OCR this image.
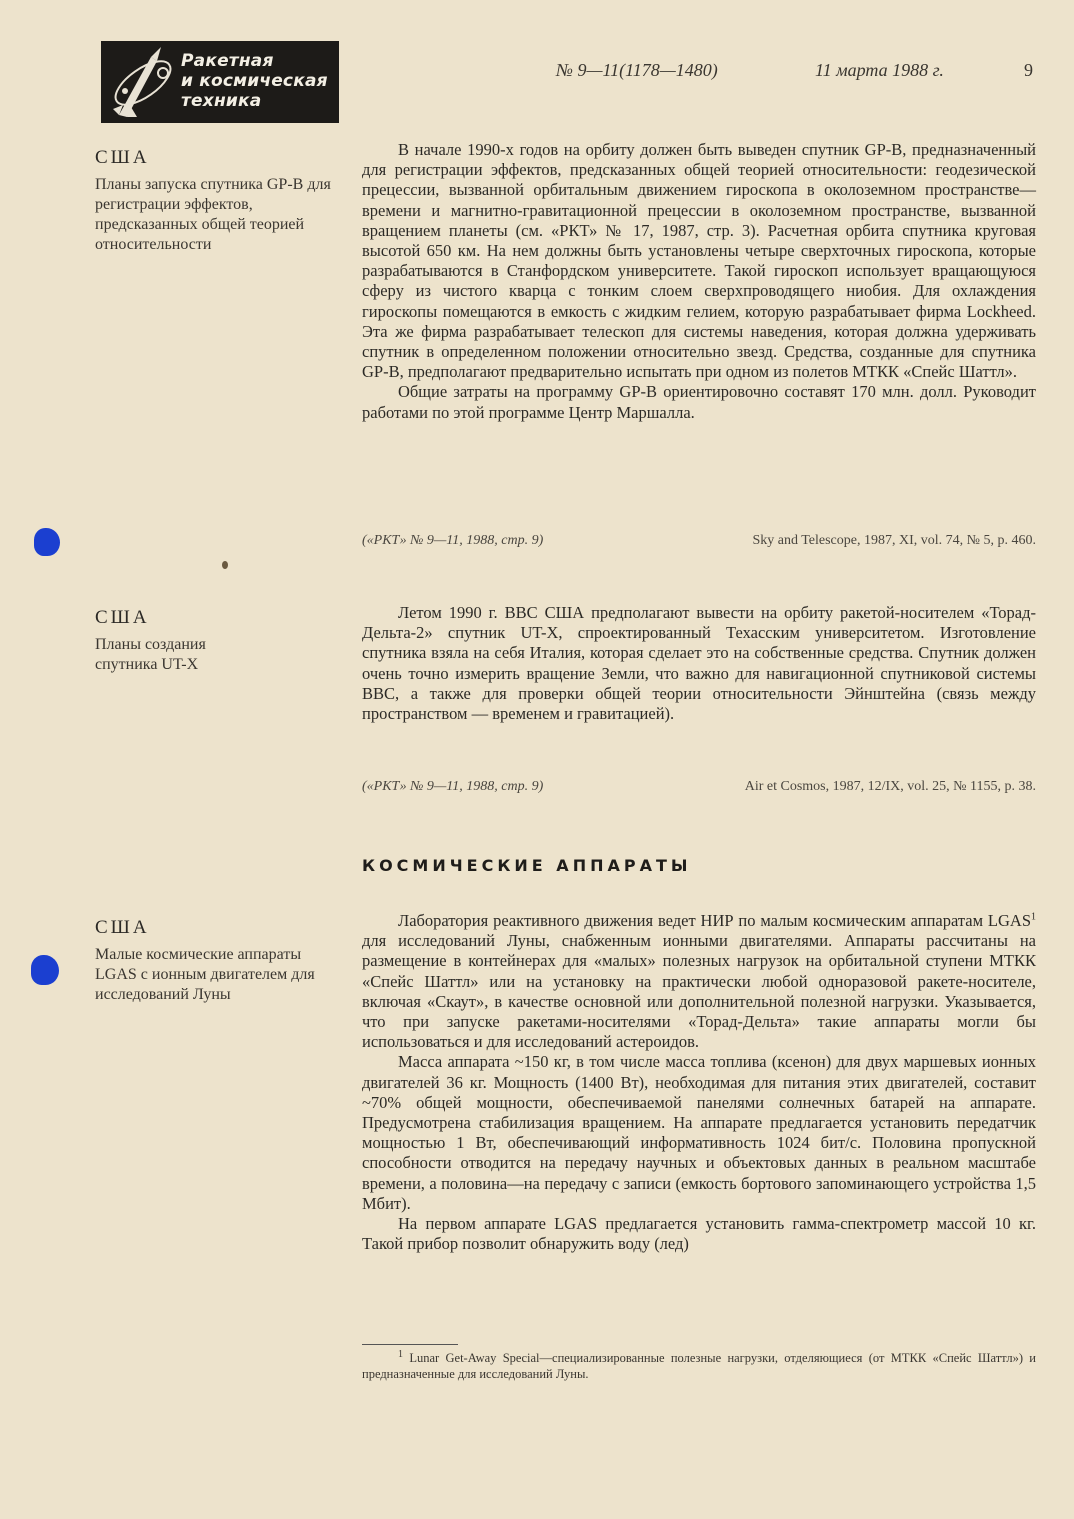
Ракетная
и космическая
техника
№ 9—11(1178—1480)	11 марта 1988 г.	9
США
Планы запуска спутника GP-B для регистрации эффектов, предсказанных общей теорией относительности

В начале 1990-х годов на орбиту должен быть выведен спутник GP-B, предназначенный для регистрации эффектов, предсказанных общей теорией относительности: геодезической прецессии, вызванной орбитальным движением гироскопа в околоземном пространстве—времени и магнитно-гравитационной прецессии в околоземном пространстве, вызванной вращением планеты (см. «РКТ» № 17, 1987, стр. 3). Расчетная орбита спутника круговая высотой 650 км. На нем должны быть установлены четыре сверхточных гироскопа, которые разрабатываются в Станфордском университете. Такой гироскоп использует вращающуюся сферу из чистого кварца с тонким слоем сверхпроводящего ниобия. Для охлаждения гироскопы помещаются в емкость с жидким гелием, которую разрабатывает фирма Lockheed. Эта же фирма разрабатывает телескоп для системы наведения, которая должна удерживать спутник в определенном положении относительно звезд. Средства, созданные для спутника GP-B, предполагают предварительно испытать при одном из полетов МТКК «Спейс Шаттл».

Общие затраты на программу GP-B ориентировочно составят 170 млн. долл. Руководит работами по этой программе Центр Маршалла.

(«РКТ» № 9—11, 1988, стр. 9)	Sky and Telescope, 1987, XI, vol. 74, № 5, p. 460.
США
Планы создания спутника UT-X

Летом 1990 г. ВВС США предполагают вывести на орбиту ракетой-носителем «Торад-Дельта-2» спутник UT-X, спроектированный Техасским университетом. Изготовление спутника взяла на себя Италия, которая сделает это на собственные средства. Спутник должен очень точно измерить вращение Земли, что важно для навигационной спутниковой системы ВВС, а также для проверки общей теории относительности Эйнштейна (связь между пространством — временем и гравитацией).

(«РКТ» № 9—11, 1988, стр. 9)	Air et Cosmos, 1987, 12/IX, vol. 25, № 1155, p. 38.
КОСМИЧЕСКИЕ АППАРАТЫ
США
Малые космические аппараты LGAS с ионным двигателем для исследований Луны

Лаборатория реактивного движения ведет НИР по малым космическим аппаратам LGAS$^1$ для исследований Луны, снабженным ионными двигателями. Аппараты рассчитаны на размещение в контейнерах для «малых» полезных нагрузок на орбитальной ступени МТКК «Спейс Шаттл» или на установку на практически любой одноразовой ракете-носителе, включая «Скаут», в качестве основной или дополнительной полезной нагрузки. Указывается, что при запуске ракетами-носителями «Торад-Дельта» такие аппараты могли бы использоваться и для исследований астероидов.

Масса аппарата ~150 кг, в том числе масса топлива (ксенон) для двух маршевых ионных двигателей 36 кг. Мощность (1400 Вт), необходимая для питания этих двигателей, составит ~70% общей мощности, обеспечиваемой панелями солнечных батарей на аппарате. Предусмотрена стабилизация вращением. На аппарате предлагается установить передатчик мощностью 1 Вт, обеспечивающий информативность 1024 бит/с. Половина пропускной способности отводится на передачу научных и объектовых данных в реальном масштабе времени, а половина—на передачу с записи (емкость бортового запоминающего устройства 1,5 Мбит).

На первом аппарате LGAS предлагается установить гамма-спектрометр массой 10 кг. Такой прибор позволит обнаружить воду (лед)

$^1$ Lunar Get-Away Special—специализированные полезные нагрузки, отделяющиеся (от МТКК «Спейс Шаттл») и предназначенные для исследований Луны.
